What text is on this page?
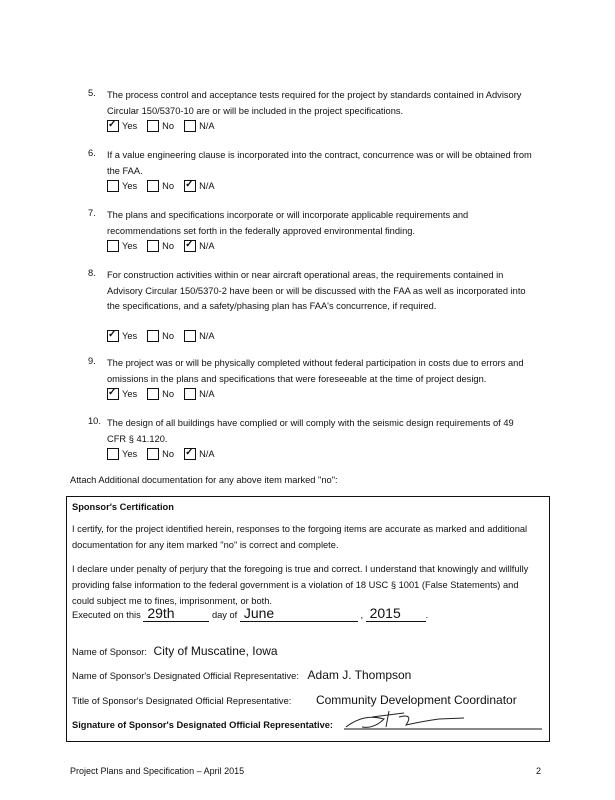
5. The process control and acceptance tests required for the project by standards contained in Advisory Circular 150/5370-10 are or will be included in the project specifications.
✓
Yes	No	N/A
6. If a value engineering clause is incorporated into the contract, concurrence was or will be obtained from the FAA.
Yes	No ✓	N/A
7. The plans and specifications incorporate or will incorporate applicable requirements and recommendations set forth in the federally approved environmental finding.
Yes	No ✓	N/A
8. For construction activities within or near aircraft operational areas, the requirements contained in Advisory Circular 150/5370-2 have been or will be discussed with the FAA as well as incorporated into the specifications, and a safety/phasing plan has FAA's concurrence, if required.
✓
Yes	No	N/A
9. The project was or will be physically completed without federal participation in costs due to errors and omissions in the plans and specifications that were foreseeable at the time of project design.
✓
Yes	No	N/A
10. The design of all buildings have complied or will comply with the seismic design requirements of 49 CFR § 41.120.
Yes	No ✓	N/A
Attach Additional documentation for any above item marked "no":
Sponsor's Certification
I certify, for the project identified herein, responses to the forgoing items are accurate as marked and additional documentation for any item marked "no" is correct and complete.
I declare under penalty of perjury that the foregoing is true and correct. I understand that knowingly and willfully providing false information to the federal government is a violation of 18 USC § 1001 (False Statements) and could subject me to fines, imprisonment, or both.
Executed on this 29th	day of June	, 2015	.
Name of Sponsor: City of Muscatine, Iowa
Name of Sponsor's Designated Official Representative: Adam J. Thompson
Title of Sponsor's Designated Official Representative: Community Development Coordinator
Signature of Sponsor's Designated Official Representative:
Project Plans and Specification – April 2015	2
